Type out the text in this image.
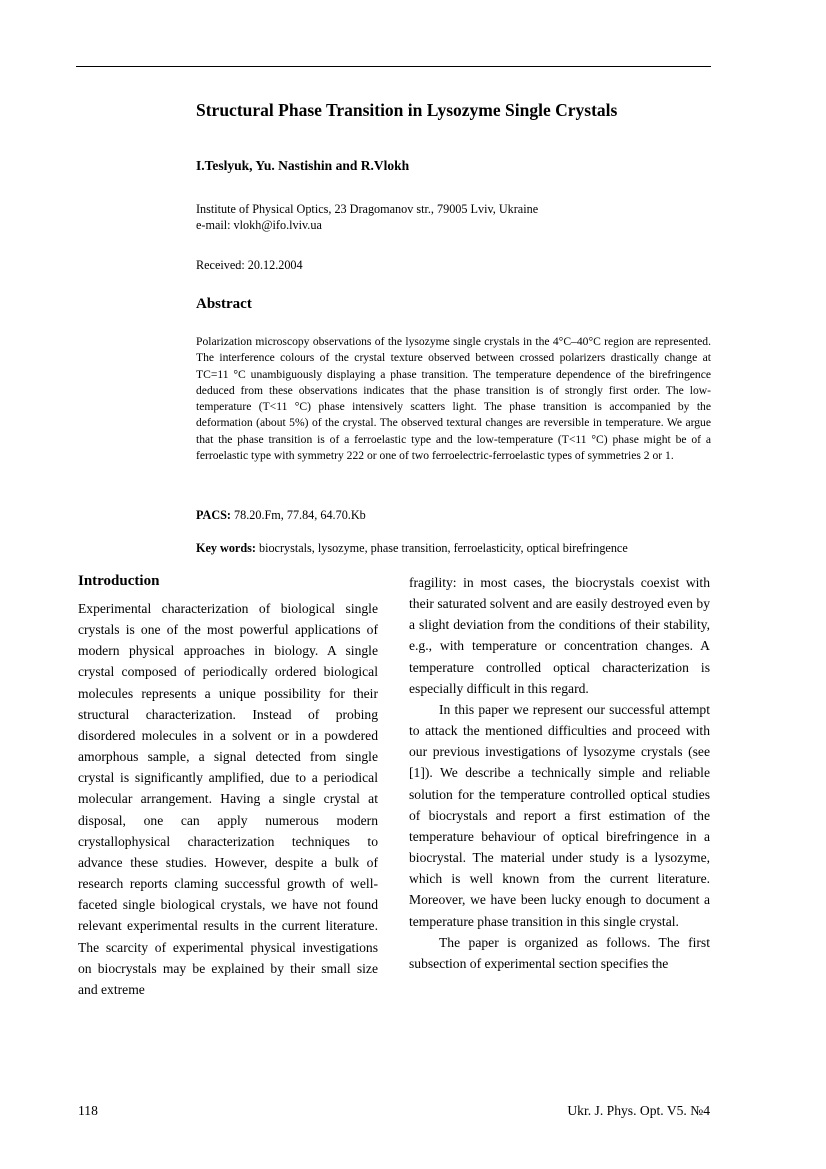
Structural Phase Transition in Lysozyme Single Crystals
I.Teslyuk, Yu. Nastishin and R.Vlokh
Institute of Physical Optics, 23 Dragomanov str., 79005 Lviv, Ukraine
e-mail: vlokh@ifo.lviv.ua
Received: 20.12.2004
Abstract

Polarization microscopy observations of the lysozyme single crystals in the 4°C–40°C region are represented. The interference colours of the crystal texture observed between crossed polarizers drastically change at TC=11 °C unambiguously displaying a phase transition. The temperature dependence of the birefringence deduced from these observations indicates that the phase transition is of strongly first order. The low-temperature (T<11 °C) phase intensively scatters light. The phase transition is accompanied by the deformation (about 5%) of the crystal. The observed textural changes are reversible in temperature. We argue that the phase transition is of a ferroelastic type and the low-temperature (T<11 °C) phase might be of a ferroelastic type with symmetry 222 or one of two ferroelectric-ferroelastic types of symmetries 2 or 1.

PACS: 78.20.Fm, 77.84, 64.70.Kb
Key words: biocrystals, lysozyme, phase transition, ferroelasticity, optical birefringence
Introduction

Experimental characterization of biological single crystals is one of the most powerful applications of modern physical approaches in biology. A single crystal composed of periodically ordered biological molecules represents a unique possibility for their structural characterization. Instead of probing disordered molecules in a solvent or in a powdered amorphous sample, a signal detected from single crystal is significantly amplified, due to a periodical molecular arrangement. Having a single crystal at disposal, one can apply numerous modern crystallophysical characterization techniques to advance these studies. However, despite a bulk of research reports claming successful growth of well-faceted single biological crystals, we have not found relevant experimental results in the current literature. The scarcity of experimental physical investigations on biocrystals may be explained by their small size and extreme

fragility: in most cases, the biocrystals coexist with their saturated solvent and are easily destroyed even by a slight deviation from the conditions of their stability, e.g., with temperature or concentration changes. A temperature controlled optical characterization is especially difficult in this regard.

In this paper we represent our successful attempt to attack the mentioned difficulties and proceed with our previous investigations of lysozyme crystals (see [1]). We describe a technically simple and reliable solution for the temperature controlled optical studies of biocrystals and report a first estimation of the temperature behaviour of optical birefringence in a biocrystal. The material under study is a lysozyme, which is well known from the current literature. Moreover, we have been lucky enough to document a temperature phase transition in this single crystal.

The paper is organized as follows. The first subsection of experimental section specifies the

118	Ukr. J. Phys. Opt. V5. №4
